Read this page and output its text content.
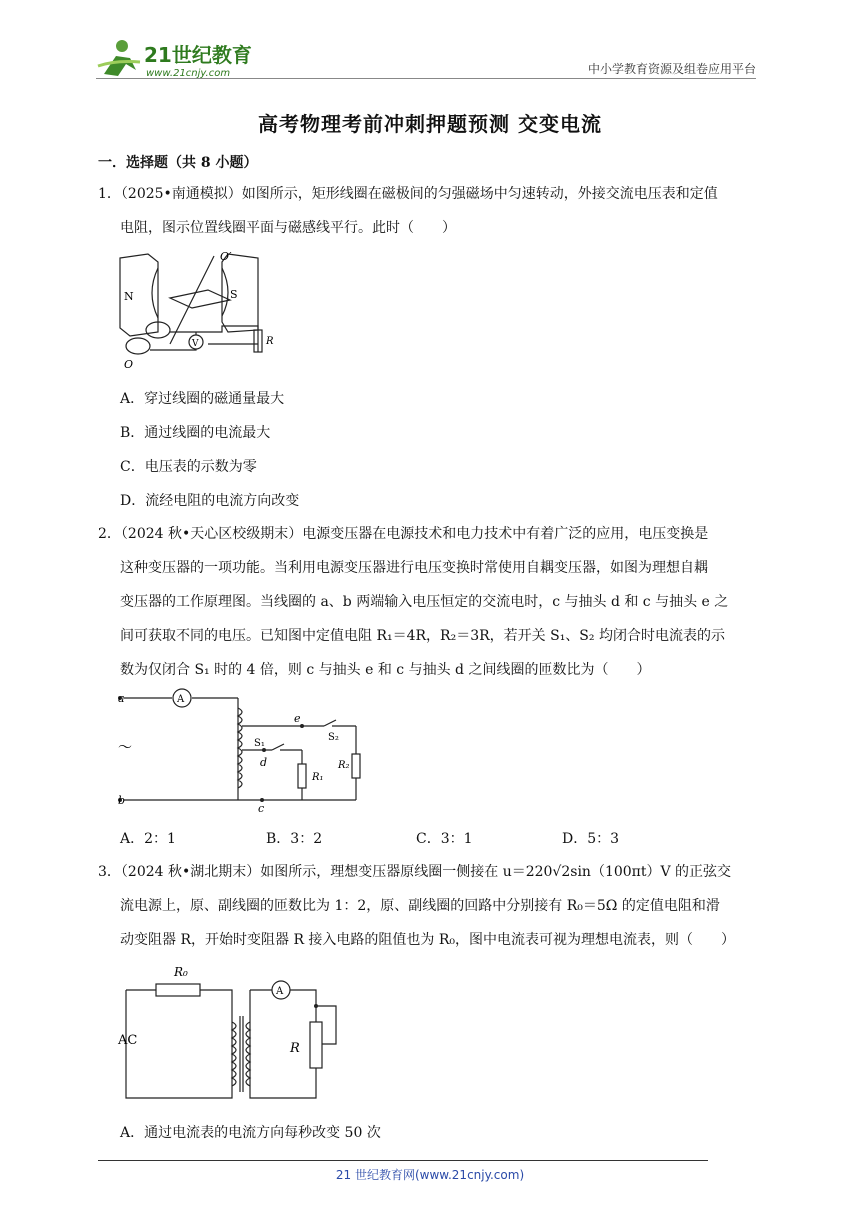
21世纪教育
www.21cnjy.com	中小学教育资源及组卷应用平台
高考物理考前冲刺押题预测 交变电流
一．选择题（共 8 小题）
1．（2025•南通模拟）如图所示，矩形线圈在磁极间的匀强磁场中匀速转动，外接交流电压表和定值
电阻，图示位置线圈平面与磁感线平行。此时（　　）
N	S
O′
O
V	R
A．穿过线圈的磁通量最大
B．通过线圈的电流最大
C．电压表的示数为零
D．流经电阻的电流方向改变
2．（2024 秋•天心区校级期末）电源变压器在电源技术和电力技术中有着广泛的应用，电压变换是
这种变压器的一项功能。当利用电源变压器进行电压变换时常使用自耦变压器，如图为理想自耦
变压器的工作原理图。当线圈的 a、b 两端输入电压恒定的交流电时，c 与抽头 d 和 c 与抽头 e 之
间可获取不同的电压。已知图中定值电阻 R₁＝4R，R₂＝3R，若开关 S₁、S₂ 均闭合时电流表的示
数为仅闭合 S₁ 时的 4 倍，则 c 与抽头 e 和 c 与抽头 d 之间线圈的匝数比为（　　）
A
a
b
c
d
e
S₁
S₂
R₁
R₂
～
A．2：1	B．3：2	C．3：1	D．5：3
3．（2024 秋•湖北期末）如图所示，理想变压器原线圈一侧接在 u＝220√2sin（100πt）V 的正弦交
流电源上，原、副线圈的匝数比为 1：2，原、副线圈的回路中分别接有 R₀＝5Ω 的定值电阻和滑
动变阻器 R，开始时变阻器 R 接入电路的阻值也为 R₀，图中电流表可视为理想电流表，则（　　）
R₀
AC
A
R
A．通过电流表的电流方向每秒改变 50 次
21 世纪教育网(www.21cnjy.com)
